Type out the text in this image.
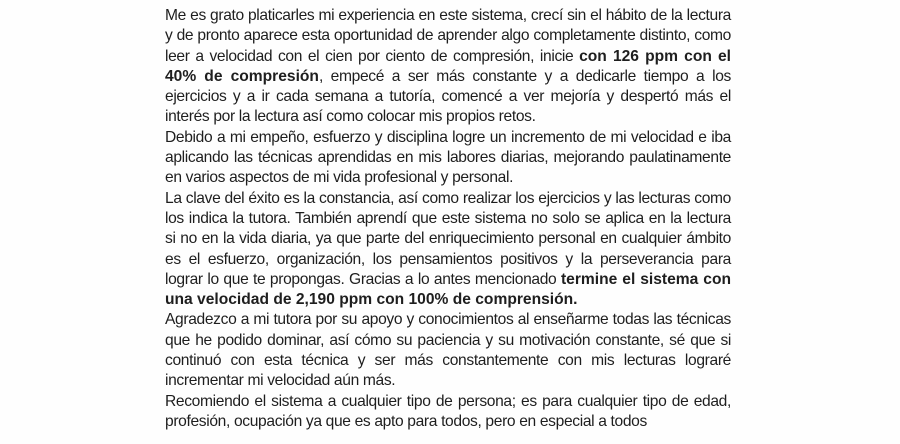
Me es grato platicarles mi experiencia en este sistema, crecí sin el hábito de la lectura y de pronto aparece esta oportunidad de aprender algo completamente distinto, como leer a velocidad con el cien por ciento de compresión, inicie con 126 ppm con el 40% de compresión, empecé a ser más constante y a dedicarle tiempo a los ejercicios y a ir cada semana a tutoría, comencé a ver mejoría y despertó más el interés por la lectura así como colocar mis propios retos.

Debido a mi empeño, esfuerzo y disciplina logre un incremento de mi velocidad e iba aplicando las técnicas aprendidas en mis labores diarias, mejorando paulatinamente en varios aspectos de mi vida profesional y personal.

La clave del éxito es la constancia, así como realizar los ejercicios y las lecturas como los indica la tutora. También aprendí que este sistema no solo se aplica en la lectura si no en la vida diaria, ya que parte del enriquecimiento personal en cualquier ámbito es el esfuerzo, organización, los pensamientos positivos y la perseverancia para lograr lo que te propongas. Gracias a lo antes mencionado termine el sistema con una velocidad de 2,190 ppm con 100% de comprensión.

Agradezco a mi tutora por su apoyo y conocimientos al enseñarme todas las técnicas que he podido dominar, así cómo su paciencia y su motivación constante, sé que si continuó con esta técnica y ser más constantemente con mis lecturas lograré incrementar mi velocidad aún más.

Recomiendo el sistema a cualquier tipo de persona; es para cualquier tipo de edad, profesión, ocupación ya que es apto para todos, pero en especial a todos
